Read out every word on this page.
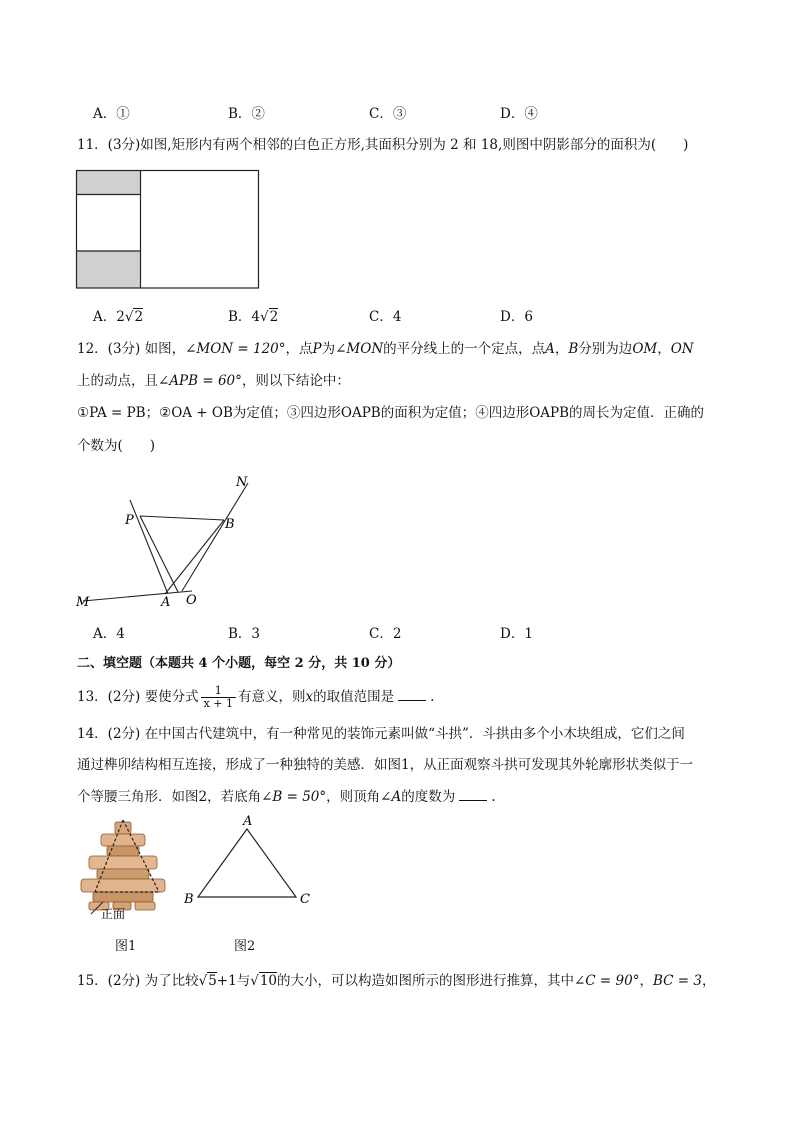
A．①	B．②	C．③	D．④
11．(3分)如图,矩形内有两个相邻的白色正方形,其面积分别为 2 和 18,则图中阴影部分的面积为(　　)
A．2√2	B．4√2	C．4	D．6
12．(3分) 如图，∠MON = 120°，点P为∠MON的平分线上的一个定点，点A，B分别为边OM，ON
上的动点，且∠APB = 60°，则以下结论中：
①PA = PB；②OA + OB为定值；③四边形OAPB的面积为定值；④四边形OAPB的周长为定值．正确的
个数为(　　)
N
P	B
M	A O
A．4	B．3	C．2	D．1
二、填空题（本题共 4 个小题，每空 2 分，共 10 分）
13．(2分) 要使分式 $\frac{1}{x + 1}$ 有意义，则x的取值范围是	.
14．(2分) 在中国古代建筑中，有一种常见的装饰元素叫做“斗拱”．斗拱由多个小木块组成，它们之间
通过榫卯结构相互连接，形成了一种独特的美感．如图1，从正面观察斗拱可发现其外轮廓形状类似于一
个等腰三角形．如图2，若底角∠B = 50°，则顶角∠A的度数为	.
正面
图1
A
B	C
图2
15．(2分) 为了比较√5+1与√10的大小，可以构造如图所示的图形进行推算，其中∠C = 90°，BC = 3，
